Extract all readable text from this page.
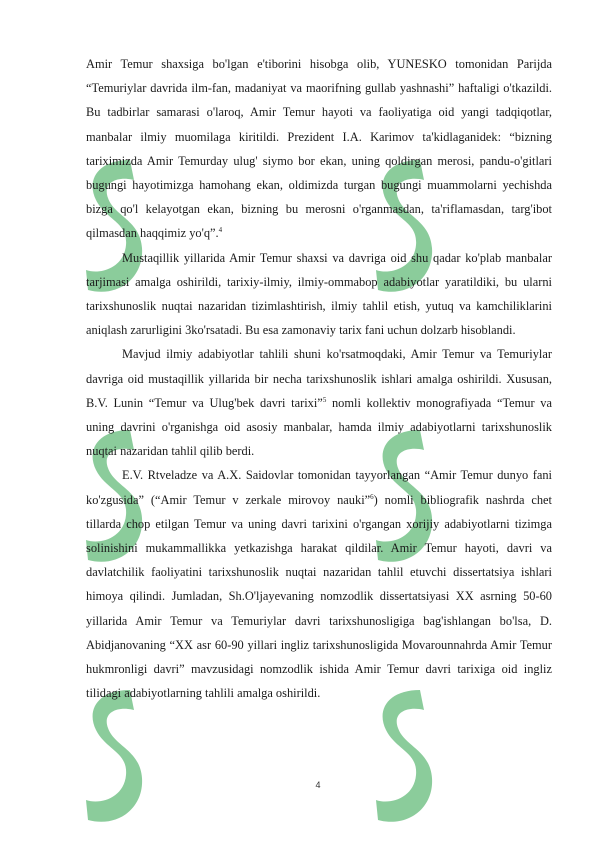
Amir Temur shaxsiga bo'lgan e'tiborini hisobga olib, YUNESKO tomonidan Parijda “Temuriylar davrida ilm-fan, madaniyat va maorifning gullab yashnashi” haftaligi o'tkazildi. Bu tadbirlar samarasi o'laroq, Amir Temur hayoti va faoliyatiga oid yangi tadqiqotlar, manbalar ilmiy muomilaga kiritildi. Prezident I.A. Karimov ta'kidlaganidek: “bizning tariximizda Amir Temurday ulug' siymo bor ekan, uning qoldirgan merosi, pandu-o'gitlari bugungi hayotimizga hamohang ekan, oldimizda turgan bugungi muammolarni yechishda bizga qo'l kelayotgan ekan, bizning bu merosni o'rganmasdan, ta'riflamasdan, targ'ibot qilmasdan haqqimiz yo'q”.$^4$

Mustaqillik yillarida Amir Temur shaxsi va davriga oid shu qadar ko'plab manbalar tarjimasi amalga oshirildi, tarixiy-ilmiy, ilmiy-ommabop adabiyotlar yaratildiki, bu ularni tarixshunoslik nuqtai nazaridan tizimlashtirish, ilmiy tahlil etish, yutuq va kamchiliklarini aniqlash zarurligini 3ko'rsatadi. Bu esa zamonaviy tarix fani uchun dolzarb hisoblandi.

Mavjud ilmiy adabiyotlar tahlili shuni ko'rsatmoqdaki, Amir Temur va Temuriylar davriga oid mustaqillik yillarida bir necha tarixshunoslik ishlari amalga oshirildi. Xususan, B.V. Lunin “Temur va Ulug'bek davri tarixi”$^5$ nomli kollektiv monografiyada “Temur va uning davrini o'rganishga oid asosiy manbalar, hamda ilmiy adabiyotlarni tarixshunoslik nuqtai nazaridan tahlil qilib berdi.

E.V. Rtveladze va A.X. Saidovlar tomonidan tayyorlangan “Amir Temur dunyo fani ko'zgusida” (“Amir Temur v zerkale mirovoy nauki”$^6$) nomli bibliografik nashrda chet tillarda chop etilgan Temur va uning davri tarixini o'rgangan xorijiy adabiyotlarni tizimga solinishini mukammallikka yetkazishga harakat qildilar. Amir Temur hayoti, davri va davlatchilik faoliyatini tarixshunoslik nuqtai nazaridan tahlil etuvchi dissertatsiya ishlari himoya qilindi. Jumladan, Sh.O'ljayevaning nomzodlik dissertatsiyasi XX asrning 50-60 yillarida Amir Temur va Temuriylar davri tarixshunosligiga bag'ishlangan bo'lsa, D. Abidjanovaning “XX asr 60-90 yillari ingliz tarixshunosligida Movarounnahrda Amir Temur hukmronligi davri” mavzusidagi nomzodlik ishida Amir Temur davri tarixiga oid ingliz tilidagi adabiyotlarning tahlili amalga oshirildi.

4
